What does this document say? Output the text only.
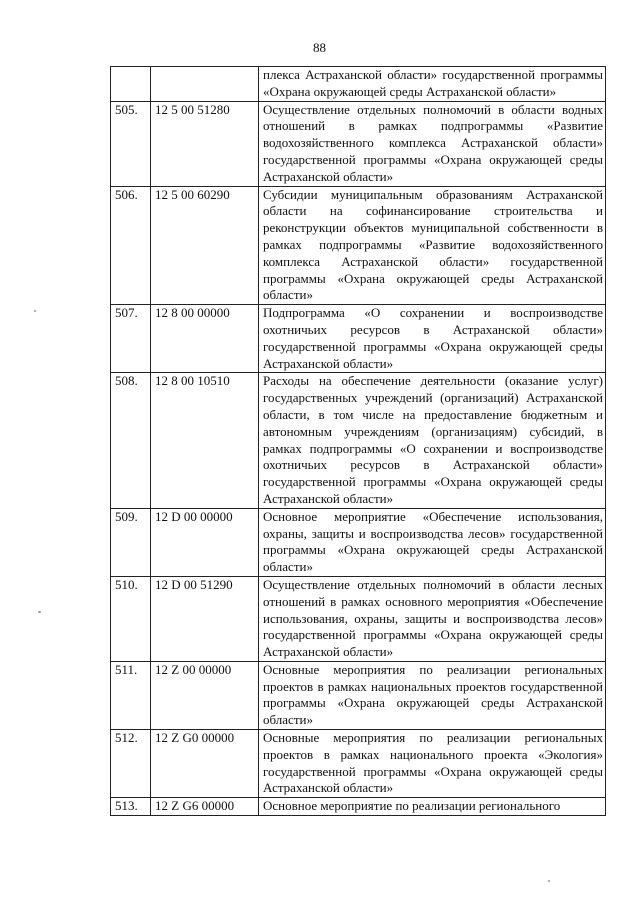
88
		плекса Астраханской области» государственной программы «Охрана окружающей среды Астраханской области»
505.	12 5 00 51280	Осуществление отдельных полномочий в области водных отношений в рамках подпрограммы «Развитие водохозяйственного комплекса Астраханской области» государственной программы «Охрана окружающей среды Астраханской области»
506.	12 5 00 60290	Субсидии муниципальным образованиям Астраханской области на софинансирование строительства и реконструкции объектов муниципальной собственности в рамках подпрограммы «Развитие водохозяйственного комплекса Астраханской области» государственной программы «Охрана окружающей среды Астраханской области»
507.	12 8 00 00000	Подпрограмма «О сохранении и воспроизводстве охотничьих ресурсов в Астраханской области» государственной программы «Охрана окружающей среды Астраханской области»
508.	12 8 00 10510	Расходы на обеспечение деятельности (оказание услуг) государственных учреждений (организаций) Астраханской области, в том числе на предоставление бюджетным и автономным учреждениям (организациям) субсидий, в рамках подпрограммы «О сохранении и воспроизводстве охотничьих ресурсов в Астраханской области» государственной программы «Охрана окружающей среды Астраханской области»
509.	12 D 00 00000	Основное мероприятие «Обеспечение использования, охраны, защиты и воспроизводства лесов» государственной программы «Охрана окружающей среды Астраханской области»
510.	12 D 00 51290	Осуществление отдельных полномочий в области лесных отношений в рамках основного мероприятия «Обеспечение использования, охраны, защиты и воспроизводства лесов» государственной программы «Охрана окружающей среды Астраханской области»
511.	12 Z 00 00000	Основные мероприятия по реализации региональных проектов в рамках национальных проектов государственной программы «Охрана окружающей среды Астраханской области»
512.	12 Z G0 00000	Основные мероприятия по реализации региональных проектов в рамках национального проекта «Экология» государственной программы «Охрана окружающей среды Астраханской области»
513.	12 Z G6 00000	Основное мероприятие по реализации регионального
